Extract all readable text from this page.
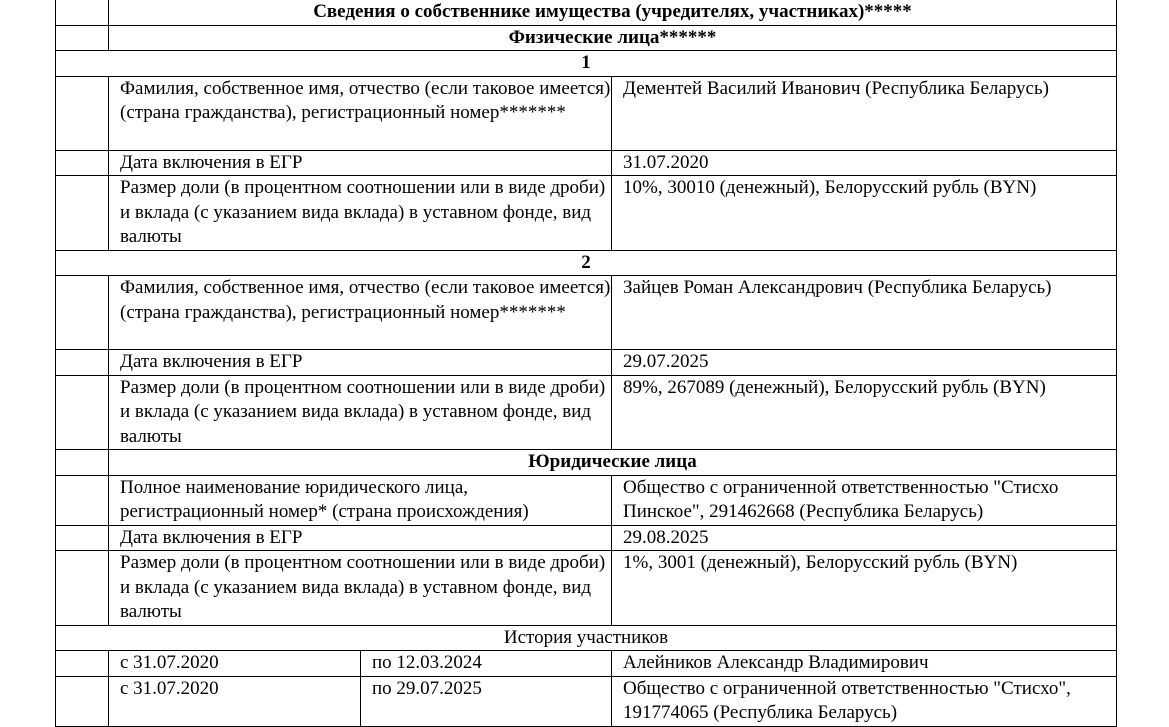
	Сведения о собственнике имущества (учредителях, участниках)*****		
	Физические лица******		
1			
	Фамилия, собственное имя, отчество (если таковое имеется) (страна гражданства), регистрационный номер*******		Дементей Василий Иванович (Республика Беларусь)
	Дата включения в ЕГР		31.07.2020
	Размер доли (в процентном соотношении или в виде дроби) и вклада (с указанием вида вклада) в уставном фонде, вид валюты		10%, 30010 (денежный), Белорусский рубль (BYN)
2			
	Фамилия, собственное имя, отчество (если таковое имеется) (страна гражданства), регистрационный номер*******		Зайцев Роман Александрович (Республика Беларусь)
	Дата включения в ЕГР		29.07.2025
	Размер доли (в процентном соотношении или в виде дроби) и вклада (с указанием вида вклада) в уставном фонде, вид валюты		89%, 267089 (денежный), Белорусский рубль (BYN)
	Юридические лица		
	Полное наименование юридического лица, регистрационный номер* (страна происхождения)		Общество с ограниченной ответственностью "Стисхо Пинское", 291462668 (Республика Беларусь)
	Дата включения в ЕГР		29.08.2025
	Размер доли (в процентном соотношении или в виде дроби) и вклада (с указанием вида вклада) в уставном фонде, вид валюты		1%, 3001 (денежный), Белорусский рубль (BYN)
История участников			
	с 31.07.2020	по 12.03.2024	Алейников Александр Владимирович
	с 31.07.2020	по 29.07.2025	Общество с ограниченной ответственностью "Стисхо", 191774065 (Республика Беларусь)
